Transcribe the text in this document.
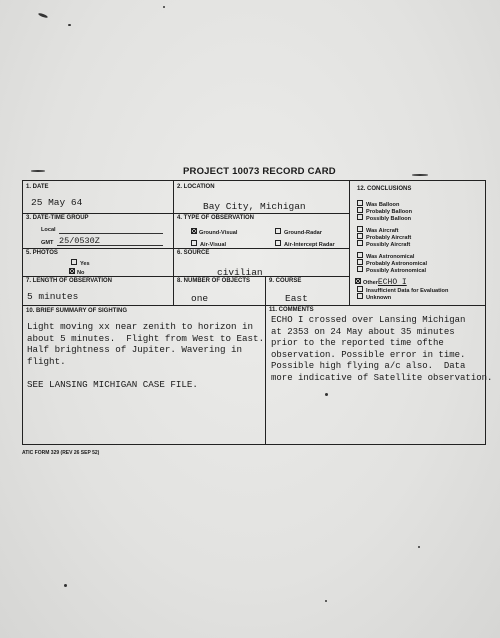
PROJECT 10073 RECORD CARD
1. DATE
25 May 64
2. LOCATION
Bay City, Michigan
3. DATE-TIME GROUP
Local
GMT 25/0530Z
4. TYPE OF OBSERVATION
Ground-Visual	Ground-Radar
Air-Visual	Air-Intercept Radar
5. PHOTOS
Yes
No
6. SOURCE
civilian
7. LENGTH OF OBSERVATION
5 minutes
8. NUMBER OF OBJECTS
one
9. COURSE
East
12. CONCLUSIONS
Was Balloon
Probably Balloon
Possibly Balloon
Was Aircraft
Probably Aircraft
Possibly Aircraft
Was Astronomical
Probably Astronomical
Possibly Astronomical
OtherECHO I
Insufficient Data for Evaluation
Unknown
10. BRIEF SUMMARY OF SIGHTING
Light moving xx near zenith to horizon in
about 5 minutes.  Flight from West to East.
Half brightness of Jupiter. Wavering in
flight.

SEE LANSING MICHIGAN CASE FILE.
11. COMMENTS
ECHO I crossed over Lansing Michigan
at 2353 on 24 May about 35 minutes
prior to the reported time ofthe
observation. Possible error in time.
Possible high flying a/c also.  Data
more indicative of Satellite observation.
ATIC FORM 329 (REV 26 SEP 52)
